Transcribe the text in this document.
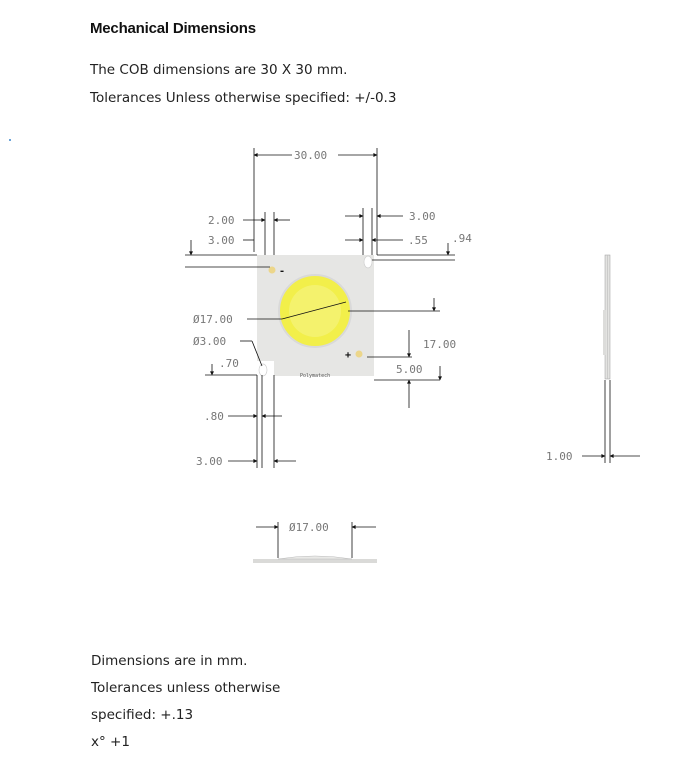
Mechanical Dimensions
The COB dimensions are 30 X 30 mm.
Tolerances Unless otherwise specified: +/-0.3
-
+
Polymatech
30.00
2.00
3.00
3.00
.55 .94
Ø17.00
Ø3.00
.70
.80
3.00
17.00
5.00
1.00
Ø17.00
Dimensions are in mm.
Tolerances unless otherwise
specified: +.13
x° +1
